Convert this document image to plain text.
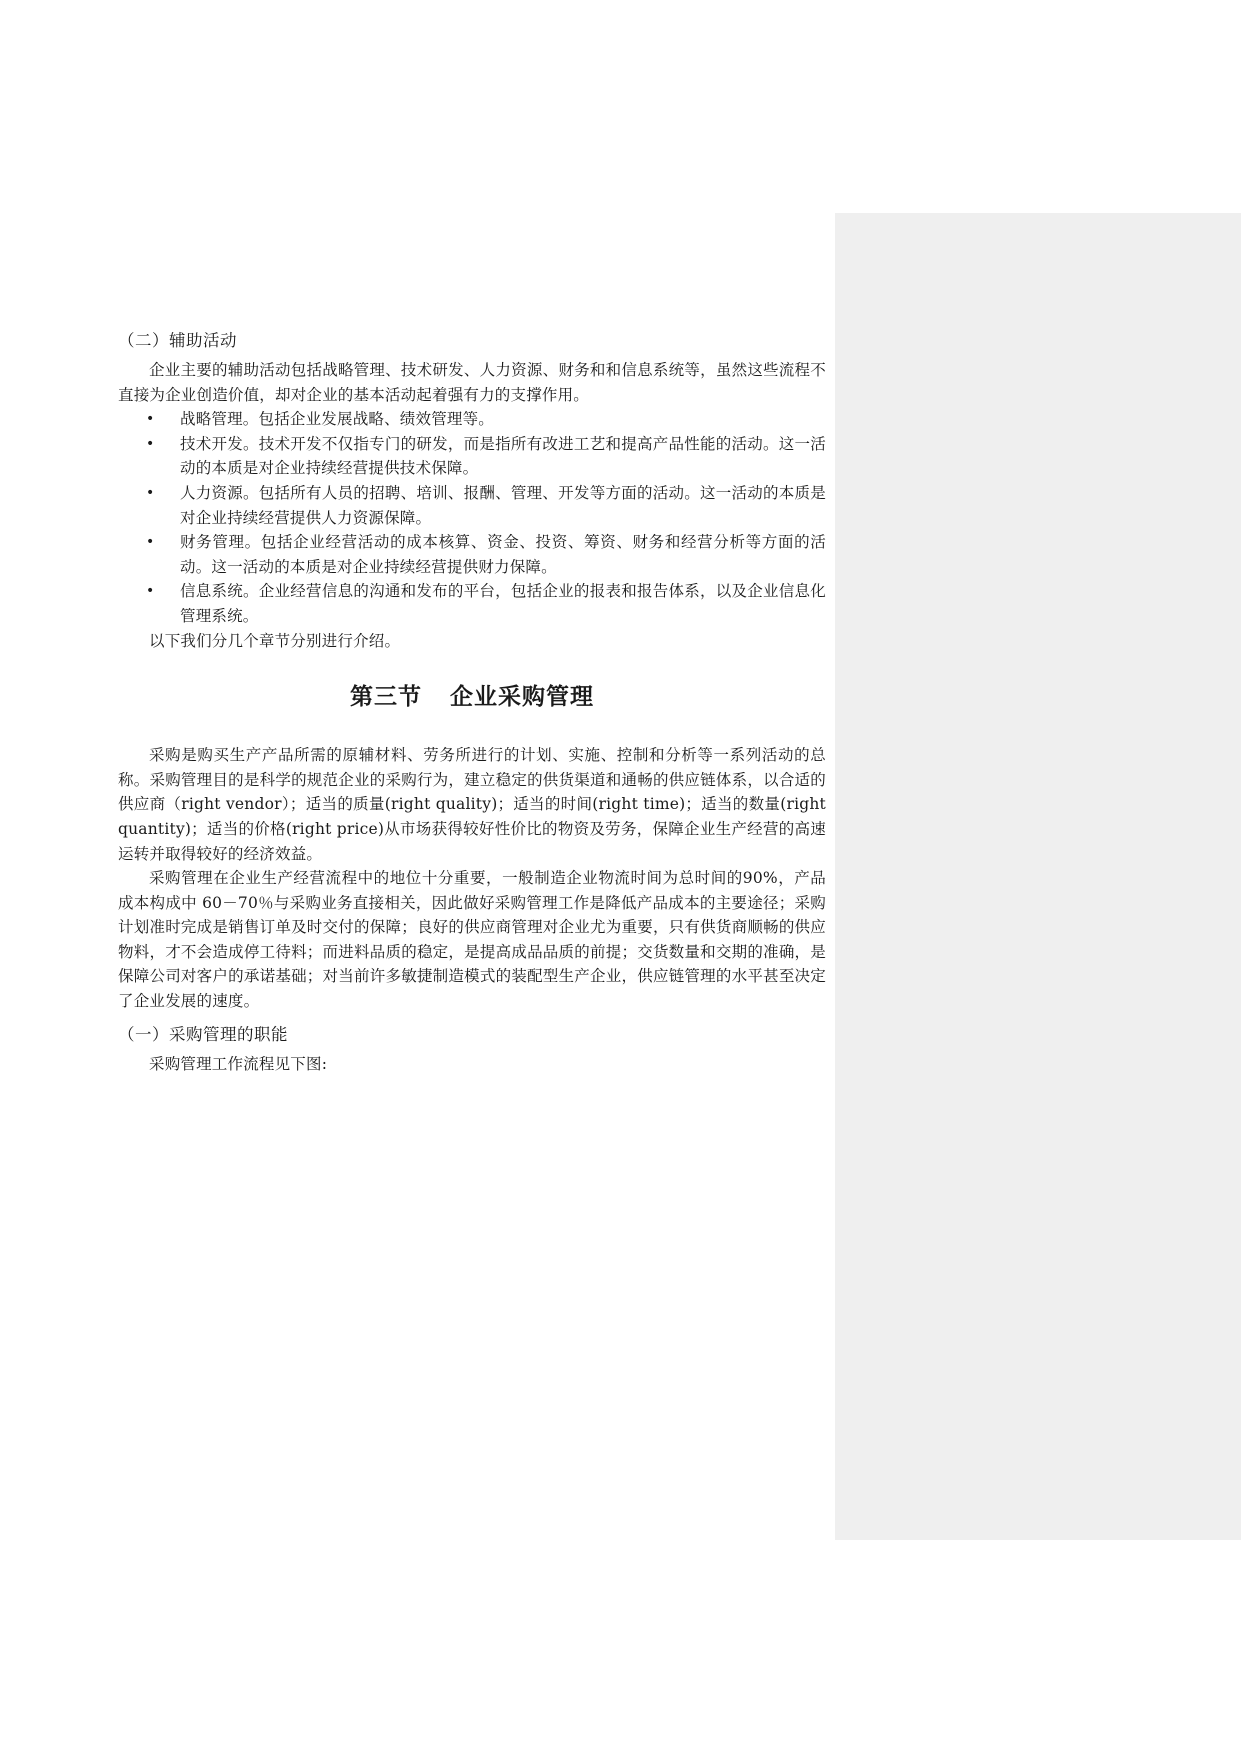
（二）辅助活动

企业主要的辅助活动包括战略管理、技术研发、人力资源、财务和和信息系统等，虽然这些流程不直接为企业创造价值，却对企业的基本活动起着强有力的支撑作用。

• 战略管理。包括企业发展战略、绩效管理等。
• 技术开发。技术开发不仅指专门的研发，而是指所有改进工艺和提高产品性能的活动。这一活动的本质是对企业持续经营提供技术保障。
• 人力资源。包括所有人员的招聘、培训、报酬、管理、开发等方面的活动。这一活动的本质是对企业持续经营提供人力资源保障。
• 财务管理。包括企业经营活动的成本核算、资金、投资、筹资、财务和经营分析等方面的活动。这一活动的本质是对企业持续经营提供财力保障。
• 信息系统。企业经营信息的沟通和发布的平台，包括企业的报表和报告体系，以及企业信息化管理系统。

以下我们分几个章节分别进行介绍。

第三节 企业采购管理

采购是购买生产产品所需的原辅材料、劳务所进行的计划、实施、控制和分析等一系列活动的总称。采购管理目的是科学的规范企业的采购行为，建立稳定的供货渠道和通畅的供应链体系，以合适的供应商（right vendor）；适当的质量(right quality)；适当的时间(right time)；适当的数量(right quantity)；适当的价格(right price)从市场获得较好性价比的物资及劳务，保障企业生产经营的高速运转并取得较好的经济效益。

采购管理在企业生产经营流程中的地位十分重要，一般制造企业物流时间为总时间的90%，产品成本构成中 60－70％与采购业务直接相关，因此做好采购管理工作是降低产品成本的主要途径；采购计划准时完成是销售订单及时交付的保障；良好的供应商管理对企业尤为重要，只有供货商顺畅的供应物料，才不会造成停工待料；而进料品质的稳定，是提高成品品质的前提；交货数量和交期的准确，是保障公司对客户的承诺基础；对当前许多敏捷制造模式的装配型生产企业，供应链管理的水平甚至决定了企业发展的速度。

（一）采购管理的职能

采购管理工作流程见下图:
